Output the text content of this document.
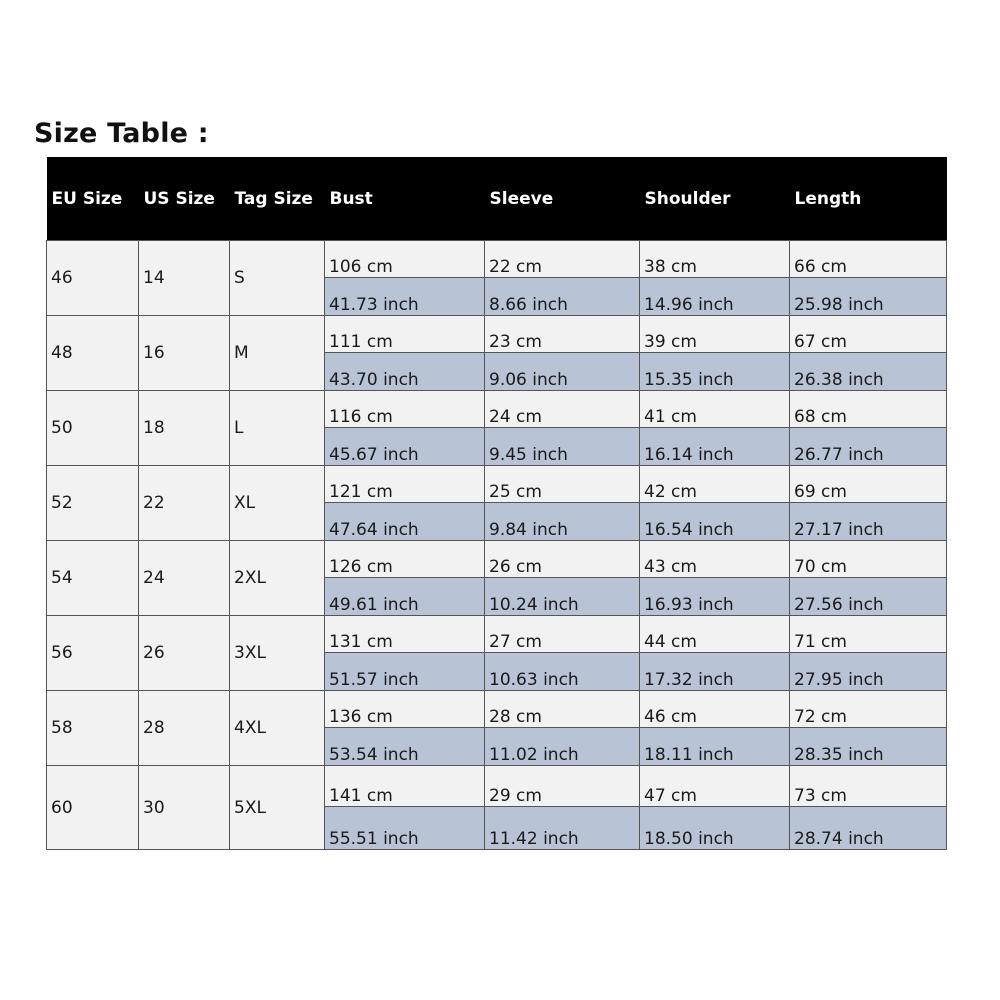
Size Table :
EU Size	US Size	Tag Size	Bust	Sleeve	Shoulder	Length
46	14	S	106 cm	22 cm	38 cm	66 cm
			41.73 inch	8.66 inch	14.96 inch	25.98 inch
48	16	M	111 cm	23 cm	39 cm	67 cm
			43.70 inch	9.06 inch	15.35 inch	26.38 inch
50	18	L	116 cm	24 cm	41 cm	68 cm
			45.67 inch	9.45 inch	16.14 inch	26.77 inch
52	22	XL	121 cm	25 cm	42 cm	69 cm
			47.64 inch	9.84 inch	16.54 inch	27.17 inch
54	24	2XL	126 cm	26 cm	43 cm	70 cm
			49.61 inch	10.24 inch	16.93 inch	27.56 inch
56	26	3XL	131 cm	27 cm	44 cm	71 cm
			51.57 inch	10.63 inch	17.32 inch	27.95 inch
58	28	4XL	136 cm	28 cm	46 cm	72 cm
			53.54 inch	11.02 inch	18.11 inch	28.35 inch
60	30	5XL	141 cm	29 cm	47 cm	73 cm
			55.51 inch	11.42 inch	18.50 inch	28.74 inch
